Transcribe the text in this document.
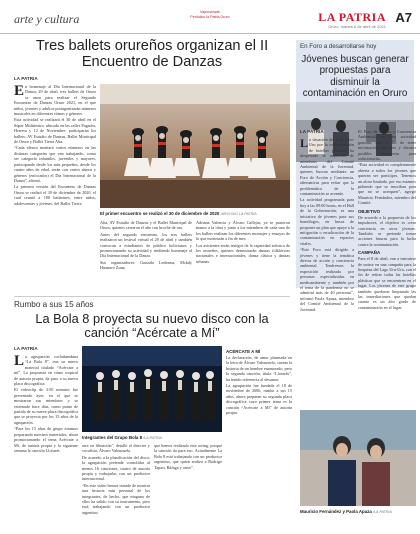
arte y cultura	Vaporshiade
Periódico la Patria Oruro	LA PATRIA
Oruro, martes 6 de abril de 2021
A7
Tres ballets orureños organizan el II Encuentro de Danzas
LA PATRIA

En homenaje al Día Internacional de la Danza, 29 de abril, tres ballets de Oruro se unen para realizar el Segundo Encuentro de Danzas Oruro 2021, en el que niños, jóvenes y adultos protagonizarán números musicales en diferentes ritmos y géneros.

Esta actividad se realizará el 30 de abril en el Súper Multiteatro, ubicado en las calles Pagador, Herrera y 12 de Noviembre, participarán los ballets: AV Estudio de Danzas, Ballet Municipal de Oruro y Ballet Tierra Alta.

“Cada elenco montará varios números en las distintas categorías que van trabajando, como ser categoría infantiles, juveniles y mayores, participando desde los más pequeños, desde los cuatro años de edad, serán con varios ritmos y géneros (enfocados) el Día Internacional de la Danza”, afirmó.

La primera versión del Encuentro de Danzas Oruro se realizó el 30 de diciembre de 2020, el cual reunió a 180 bailarines, entre niños, adolescentes y jóvenes, del Ballet Tierra

El primer encuentro se realizó el 30 de diciembre de 2020 /ARCHIVO LA PATRIA

Alta, AV Estudio de Danzas y el Ballet Municipal de Oruro, quienes cerraron el año con broche de oro.

Antes del segundo encuentro, los tres ballets realizaron un festival virtual el 29 de abril y también convocan a estudiantes de público bolivianos y promocionando su actividad y rindiendo homenaje al Día Internacional de la Danza.

Sus organizadores: Gonzalo Ledezma, Mckdy Huanaco Zuna,

Adriana Valencia y Álvaro Callejas, ya se pusieron manos a la obra y junto a los miembros de cada uno de los ballets realizan los diferentes montajes y ensayos de lo que mostrarán a fin de mes.

Los asistentes serán testigos de la capacidad artística de los orureños, quienes demostrarán danzas folklóricas nacionales e internacionales, danza clásica y danzas urbanas.

En Foro a desarrollarse hoy
Jóvenes buscan generar propuestas para disminuir la contaminación en Oruro
LA PATRIA

La situación del Lago Uru-Uru por la contaminación de botellas plásticas, ha despertado la inquietud de miembros del Comité Ambiental de la Juventud, quienes buscan mediante un Foro de Acción y Conciencia, alternativas para evitar que la problemática de la contaminación se acentúe.

La actividad programada para hoy a las 09:00 horas, en el Hall de la Gobernación, es una iniciativa de jóvenes para sus homólogos, en busca de proponer un plan que apoye a la mitigación o erradicación de la contaminación en espacios vitales.

“Este Foro está dirigido a jóvenes y tiene la temática directa de acción y conciencia ambiental. Tendremos la exposición realizada por personas especializadas en medioambiente y también por el tema de la pandemia no se admitirá más de 40 personas”, informó Paola Apaza, miembro del Comité Ambiental de la Juventud.

El Foro de Acción y Conciencia Ambiental, es una actividad gratuita, con el fin de tener información del área y discutir posibles propuestas para solucionarlas.

“Esta actividad es completamente abierta a todos los jóvenes que quieran ser partícipes. Tenemos un aforo limitado, por eso estamos pidiendo que se inscriban para que no se acerquen”, agregó Mauricio Fernández, miembro del Comité.

OBJETIVO

De acuerdo a la propuesta de los impulsores, el objetivo es crear conciencia en otros jóvenes. También se pretende tomar acciones futuras para la lucha contra la contaminación.

CAMPAÑA

Para el 8 de abril, van a instruirse de unirse en una campaña para la limpieza del Lago Uru-Uru, con el fin de retirar todas las botellas plásticas que se encuentran en el lugar. Los jóvenes de este grupo también quedaron limpiando las las inmediaciones que quedan cuanto es un alto grado de contaminación en el lugar.

Mauricio Fernández y Paola Apaza /LA PATRIA
Rumbo a sus 15 años
La Bola 8 proyecta su nuevo disco con la canción “Acércate a Mí”
LA PATRIA

La agrupación cochabambina “La Bola 8”, tras su nuevo material titulado “Acércate a mí”. La propuesta en ritmo tropical de autoría propia, da paso a su nueva placa discográfica.

El videoclip de 3:50 minutos fue presentado ayer, en el que se mostraron sus miembros y se estrenado hace días, como punto de partida de su nueva placa discográfica que se proyecta por los 15 años de la agrupación.

“Para los 15 años de grupo estamos preparando nuestros materiales, ahora promocionando el tema Acércate a Mí, de autoría propia y la siguiente semana le canción Llorarás

Integrantes del Grupo Bola 8 /LA PATRIA

otra en filmación”, detalló el director y vocalista, Álvaro Valenzuela.

De acuerdo a la planificación del disco, la agrupación pretende consolidar al menos 16 canciones, cuatro de autoría propia y trabajarlas con un productor internacional.

“En este video hemos tratado de mostrar una historia más personal de los integrantes, de hecho, que ninguno de ellos ha salido con su instrumento, pero está trabajando con un productor argentino

que hemos realizado este acting, porque la canción da para eso. Actualmente La Bola 8 está trabajando con un productor argentino, que quien realiza a Rodrigo Tapari, Ráfaga y otros”.

ACÉRCATE A MÍ

La declaración, de amor plasmada en la letra de Álvaro Valenzuela, cuenta la historia de un hombre enamorado, pero la segunda canción, titula “Llorarás”, ha tenido referencia al desamor.

La agrupación fue fundada el 18 de noviembre de 2006, rumbo a sus 15 años, ahora preparan su segunda placa discográfica cuyo primer tema es la canción “Acércate a Mí” de autoría propia.
